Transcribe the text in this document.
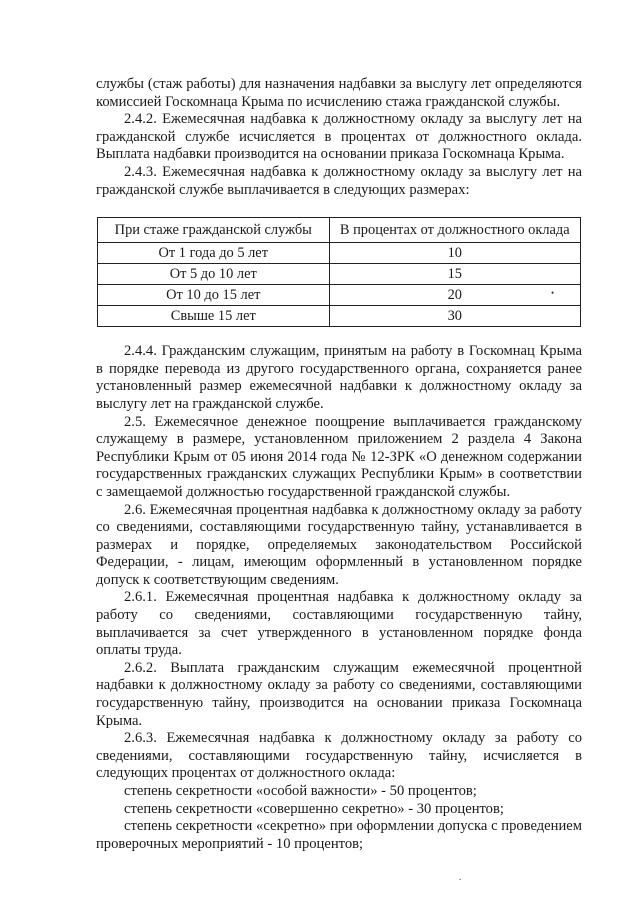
службы (стаж работы) для назначения надбавки за выслугу лет определяются комиссией Госкомнаца Крыма по исчислению стажа гражданской службы.

2.4.2. Ежемесячная надбавка к должностному окладу за выслугу лет на гражданской службе исчисляется в процентах от должностного оклада. Выплата надбавки производится на основании приказа Госкомнаца Крыма.

2.4.3. Ежемесячная надбавка к должностному окладу за выслугу лет на гражданской службе выплачивается в следующих размерах:

При стаже гражданской службы	В процентах от должностного оклада
От 1 года до 5 лет	10
От 5 до 10 лет	15
От 10 до 15 лет	20
Свыше 15 лет	30

2.4.4. Гражданским служащим, принятым на работу в Госкомнац Крыма в порядке перевода из другого государственного органа, сохраняется ранее установленный размер ежемесячной надбавки к должностному окладу за выслугу лет на гражданской службе.

2.5. Ежемесячное денежное поощрение выплачивается гражданскому служащему в размере, установленном приложением 2 раздела 4 Закона Республики Крым от 05 июня 2014 года № 12-ЗРК «О денежном содержании государственных гражданских служащих Республики Крым» в соответствии с замещаемой должностью государственной гражданской службы.

2.6. Ежемесячная процентная надбавка к должностному окладу за работу со сведениями, составляющими государственную тайну, устанавливается в размерах и порядке, определяемых законодательством Российской Федерации, - лицам, имеющим оформленный в установленном порядке допуск к соответствующим сведениям.

2.6.1. Ежемесячная процентная надбавка к должностному окладу за работу со сведениями, составляющими государственную тайну, выплачивается за счет утвержденного в установленном порядке фонда оплаты труда.

2.6.2. Выплата гражданским служащим ежемесячной процентной надбавки к должностному окладу за работу со сведениями, составляющими государственную тайну, производится на основании приказа Госкомнаца Крыма.

2.6.3. Ежемесячная надбавка к должностному окладу за работу со сведениями, составляющими государственную тайну, исчисляется в следующих процентах от должностного оклада:

степень секретности «особой важности» - 50 процентов;

степень секретности «совершенно секретно» - 30 процентов;

степень секретности «секретно» при оформлении допуска с проведением проверочных мероприятий - 10 процентов;

•
.
